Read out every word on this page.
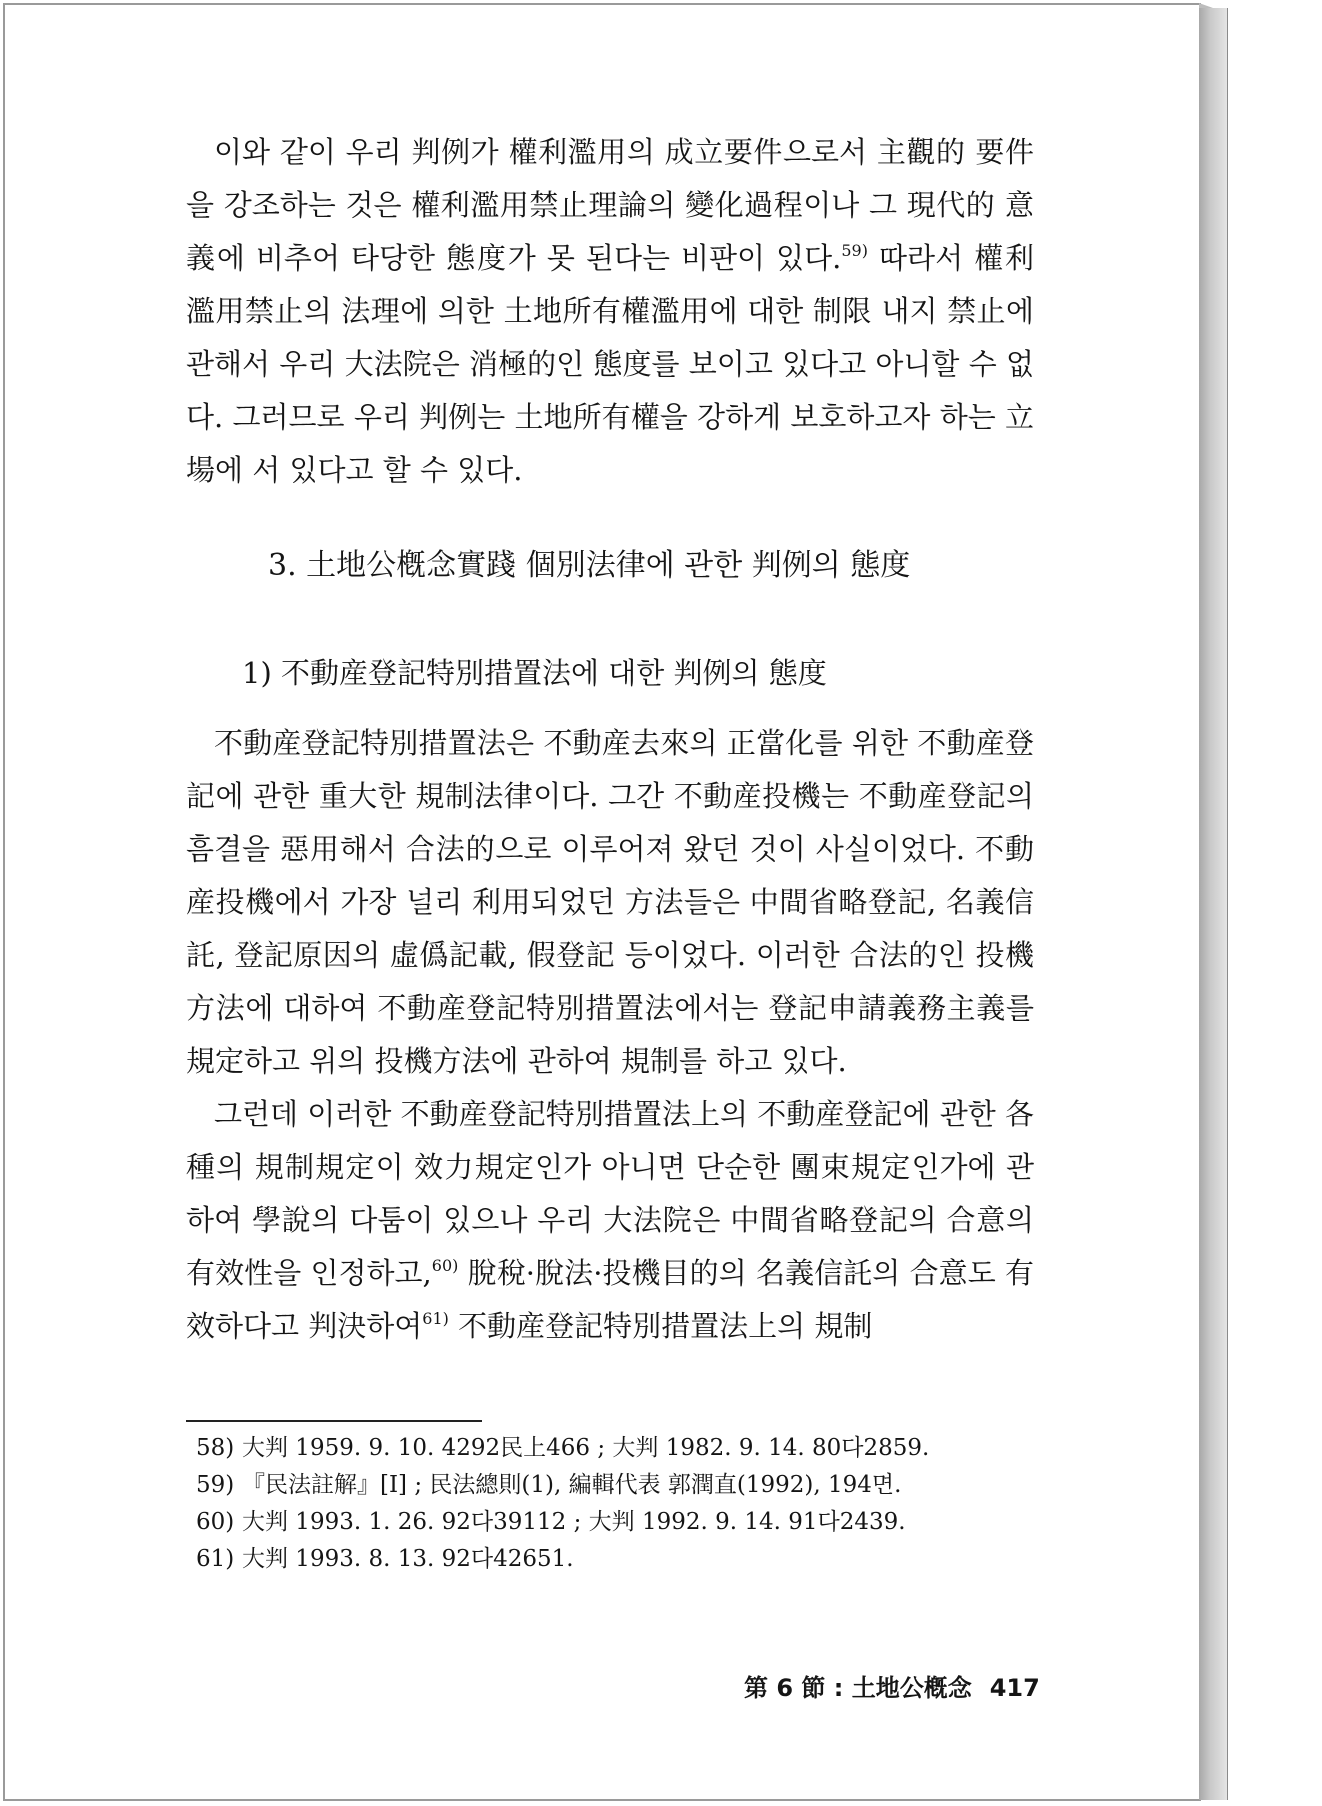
이와 같이 우리 判例가 權利濫用의 成立要件으로서 主觀的 要件을 강조하는 것은 權利濫用禁止理論의 變化過程이나 그 現代的 意義에 비추어 타당한 態度가 못 된다는 비판이 있다.$^{59)}$ 따라서 權利濫用禁止의 法理에 의한 土地所有權濫用에 대한 制限 내지 禁止에 관해서 우리 大法院은 消極的인 態度를 보이고 있다고 아니할 수 없다. 그러므로 우리 判例는 土地所有權을 강하게 보호하고자 하는 立場에 서 있다고 할 수 있다.

3. 土地公槪念實踐 個別法律에 관한 判例의 態度
1) 不動産登記特別措置法에 대한 判例의 態度

不動産登記特別措置法은 不動産去來의 正當化를 위한 不動産登記에 관한 重大한 規制法律이다. 그간 不動産投機는 不動産登記의 흠결을 惡用해서 合法的으로 이루어져 왔던 것이 사실이었다. 不動産投機에서 가장 널리 利用되었던 方法들은 中間省略登記, 名義信託, 登記原因의 虛僞記載, 假登記 등이었다. 이러한 合法的인 投機方法에 대하여 不動産登記特別措置法에서는 登記申請義務主義를 規定하고 위의 投機方法에 관하여 規制를 하고 있다.

그런데 이러한 不動産登記特別措置法上의 不動産登記에 관한 各種의 規制規定이 效力規定인가 아니면 단순한 團束規定인가에 관하여 學說의 다툼이 있으나 우리 大法院은 中間省略登記의 合意의 有效性을 인정하고,$^{60)}$ 脫稅·脫法·投機目的의 名義信託의 合意도 有效하다고 判決하여$^{61)}$ 不動産登記特別措置法上의 規制

58) 大判 1959. 9. 10. 4292民上466 ; 大判 1982. 9. 14. 80다2859.
59) 『民法註解』[Ⅰ] ; 民法總則(1), 編輯代表 郭潤直(1992), 194면.
60) 大判 1993. 1. 26. 92다39112 ; 大判 1992. 9. 14. 91다2439.
61) 大判 1993. 8. 13. 92다42651.
第 6 節 : 土地公槪念 417
